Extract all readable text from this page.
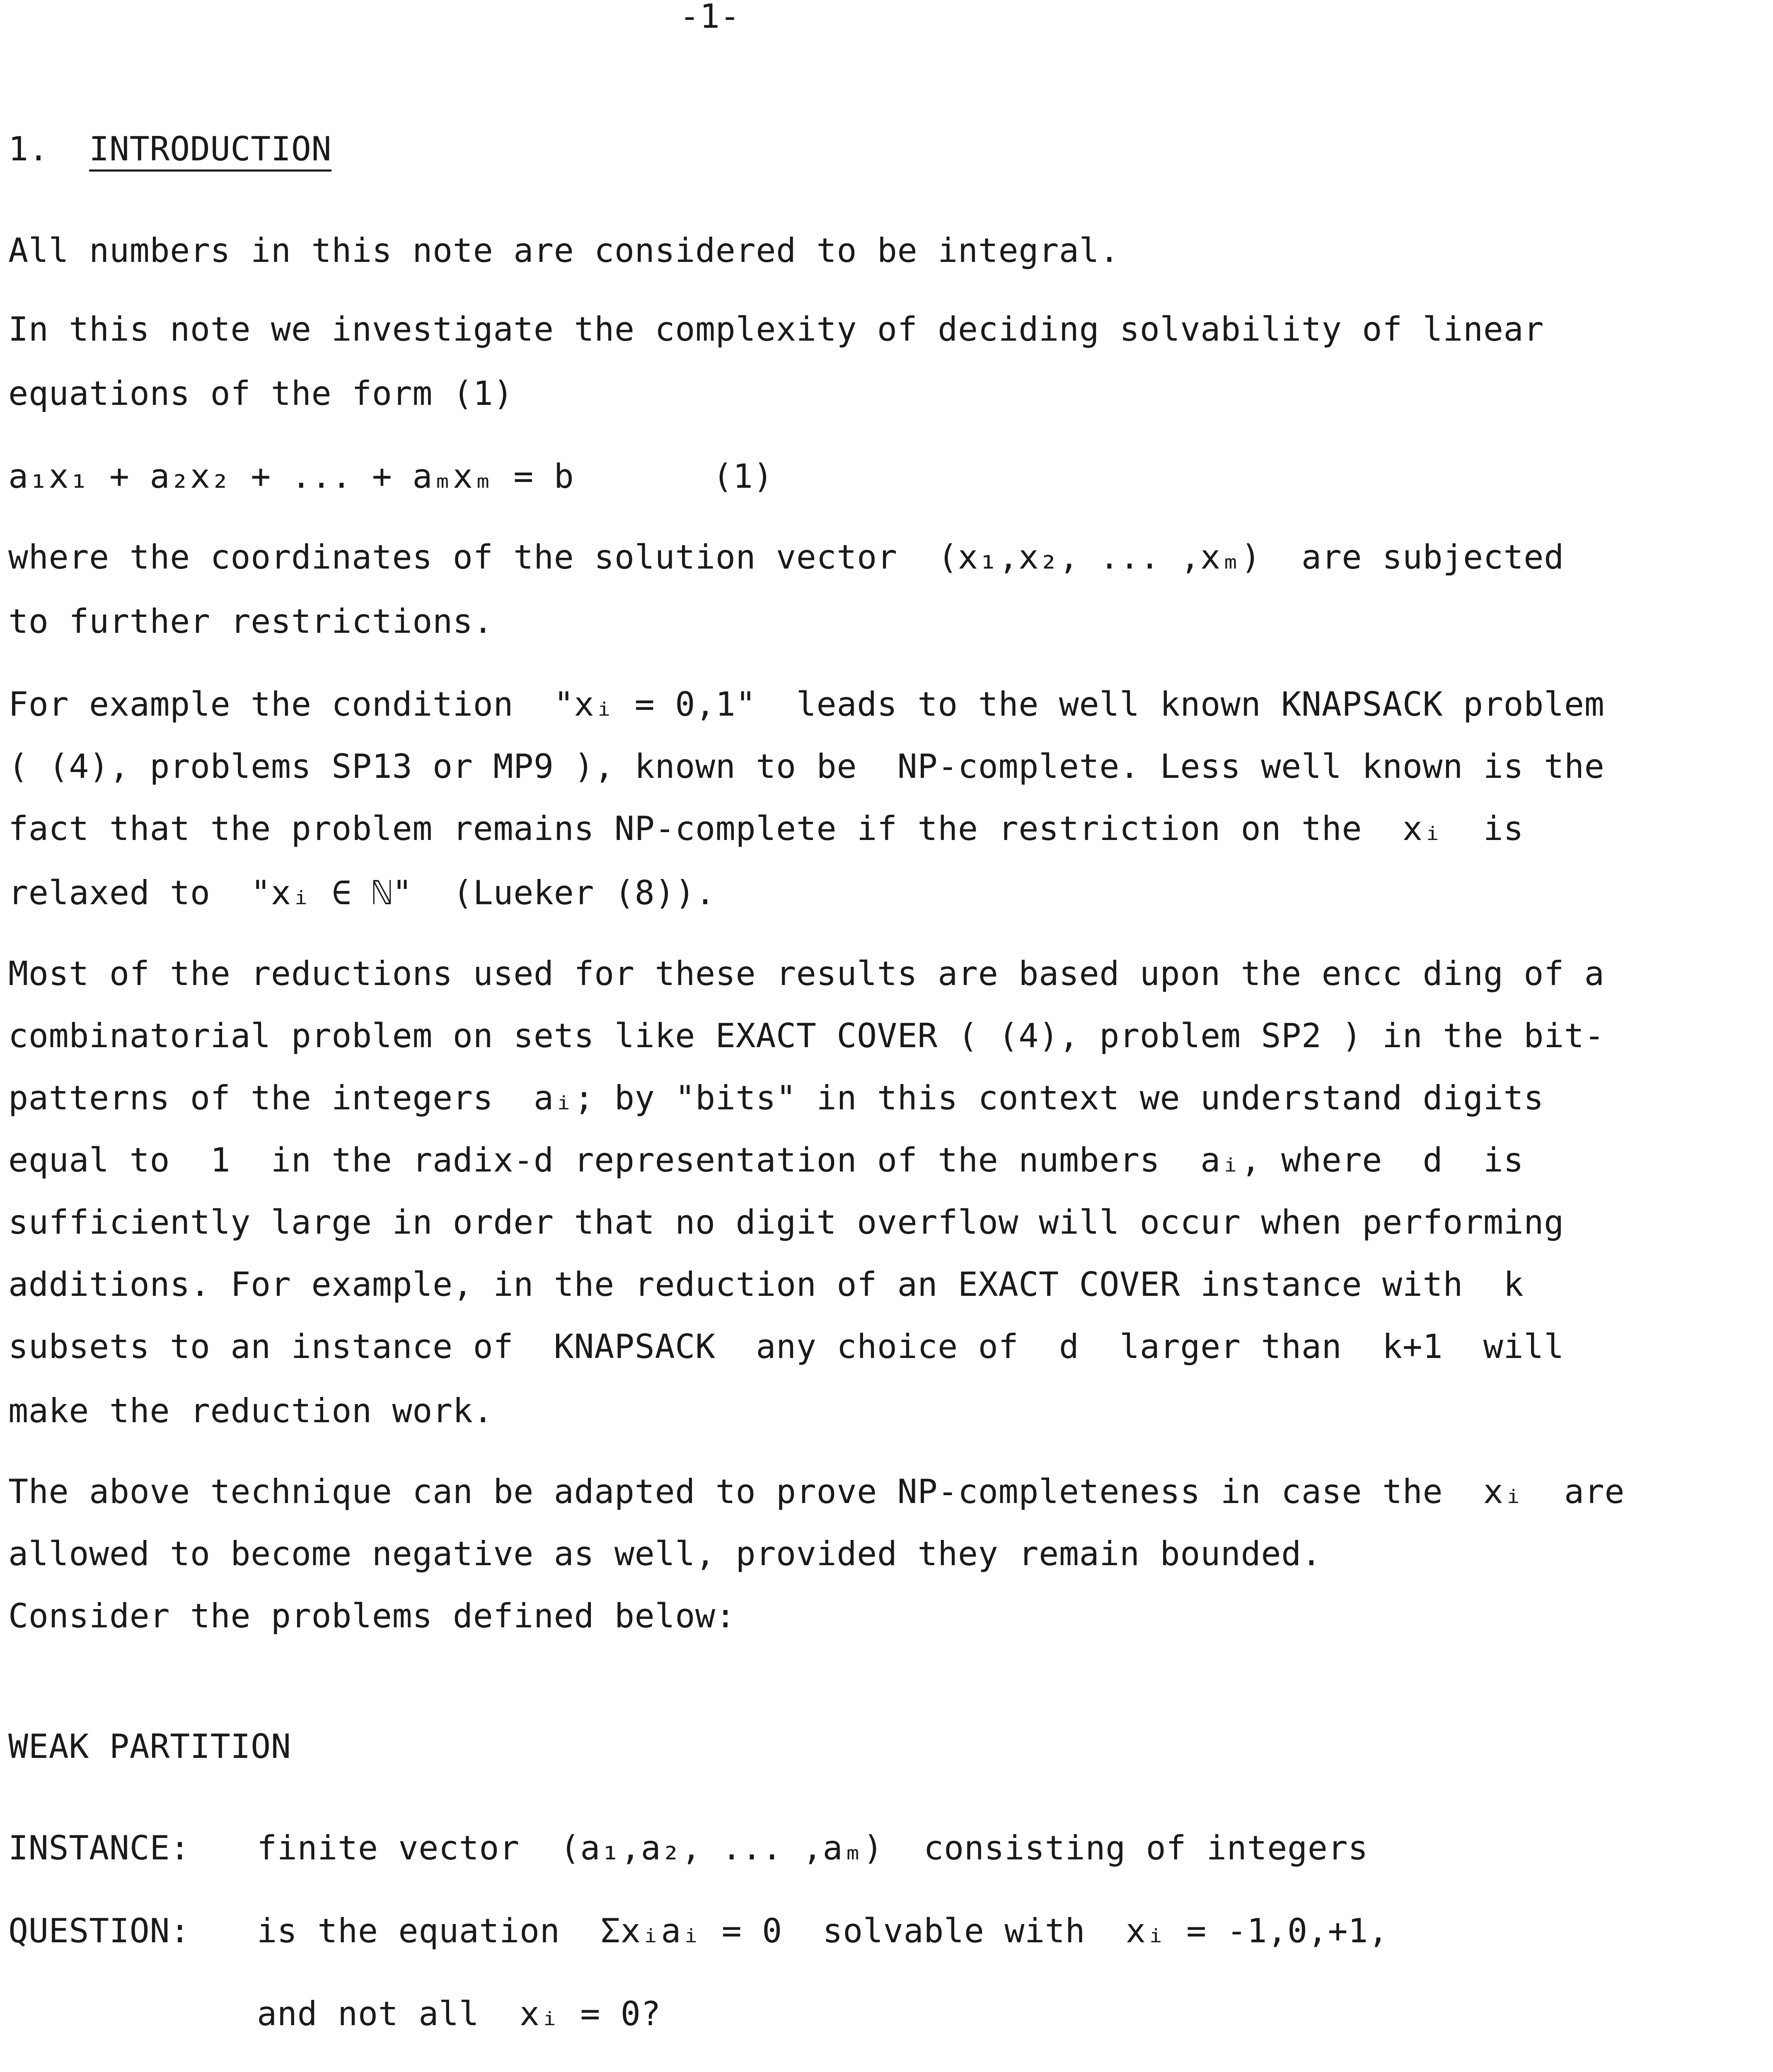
-1-
1. INTRODUCTION
All numbers in this note are considered to be integral.
In this note we investigate the complexity of deciding solvability of linear
equations of the form (1)
a₁x₁ + a₂x₂ + ... + aₘxₘ = b	(1)
where the coordinates of the solution vector  (x₁,x₂, ... ,xₘ)  are subjected
to further restrictions.
For example the condition  "xᵢ = 0,1"  leads to the well known KNAPSACK problem
( (4), problems SP13 or MP9 ), known to be  NP-complete. Less well known is the
fact that the problem remains NP-complete if the restriction on the  xᵢ  is
relaxed to  "xᵢ ∈ ℕ"  (Lueker (8)).
Most of the reductions used for these results are based upon the encc ding of a
combinatorial problem on sets like EXACT COVER ( (4), problem SP2 ) in the bit-
patterns of the integers  aᵢ; by "bits" in this context we understand digits
equal to  1  in the radix-d representation of the numbers  aᵢ, where  d  is
sufficiently large in order that no digit overflow will occur when performing
additions. For example, in the reduction of an EXACT COVER instance with  k
subsets to an instance of  KNAPSACK  any choice of  d  larger than  k+1  will
make the reduction work.
The above technique can be adapted to prove NP-completeness in case the  xᵢ  are
allowed to become negative as well, provided they remain bounded.
Consider the problems defined below:
WEAK PARTITION
INSTANCE: finite vector  (a₁,a₂, ... ,aₘ)  consisting of integers
QUESTION: is the equation  Σxᵢaᵢ = 0  solvable with  xᵢ = -1,0,+1,
and not all  xᵢ = 0?
